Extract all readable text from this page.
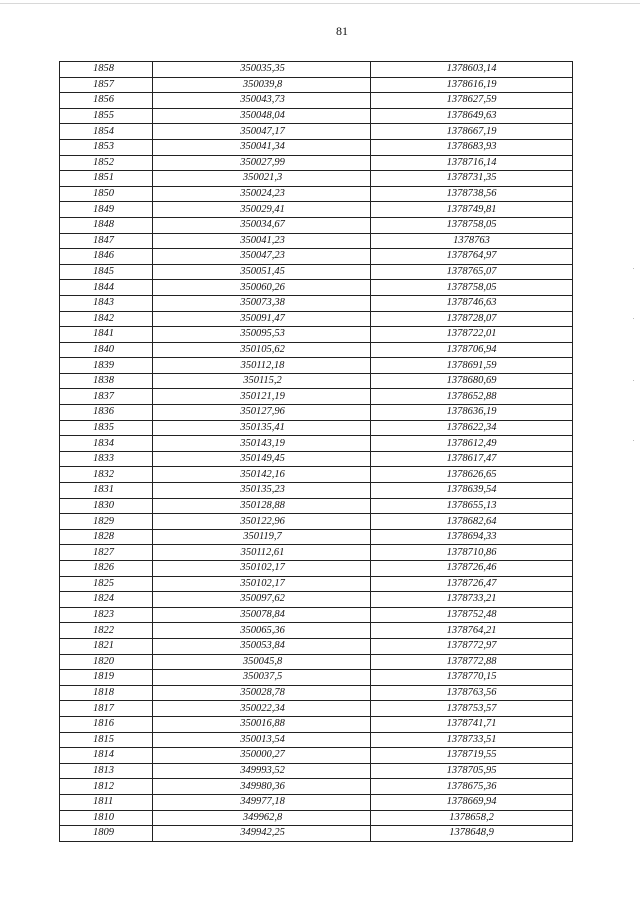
81
1858	350035,35	1378603,14
1857	350039,8	1378616,19
1856	350043,73	1378627,59
1855	350048,04	1378649,63
1854	350047,17	1378667,19
1853	350041,34	1378683,93
1852	350027,99	1378716,14
1851	350021,3	1378731,35
1850	350024,23	1378738,56
1849	350029,41	1378749,81
1848	350034,67	1378758,05
1847	350041,23	1378763
1846	350047,23	1378764,97
1845	350051,45	1378765,07
1844	350060,26	1378758,05
1843	350073,38	1378746,63
1842	350091,47	1378728,07
1841	350095,53	1378722,01
1840	350105,62	1378706,94
1839	350112,18	1378691,59
1838	350115,2	1378680,69
1837	350121,19	1378652,88
1836	350127,96	1378636,19
1835	350135,41	1378622,34
1834	350143,19	1378612,49
1833	350149,45	1378617,47
1832	350142,16	1378626,65
1831	350135,23	1378639,54
1830	350128,88	1378655,13
1829	350122,96	1378682,64
1828	350119,7	1378694,33
1827	350112,61	1378710,86
1826	350102,17	1378726,46
1825	350102,17	1378726,47
1824	350097,62	1378733,21
1823	350078,84	1378752,48
1822	350065,36	1378764,21
1821	350053,84	1378772,97
1820	350045,8	1378772,88
1819	350037,5	1378770,15
1818	350028,78	1378763,56
1817	350022,34	1378753,57
1816	350016,88	1378741,71
1815	350013,54	1378733,51
1814	350000,27	1378719,55
1813	349993,52	1378705,95
1812	349980,36	1378675,36
1811	349977,18	1378669,94
1810	349962,8	1378658,2
1809	349942,25	1378648,9
